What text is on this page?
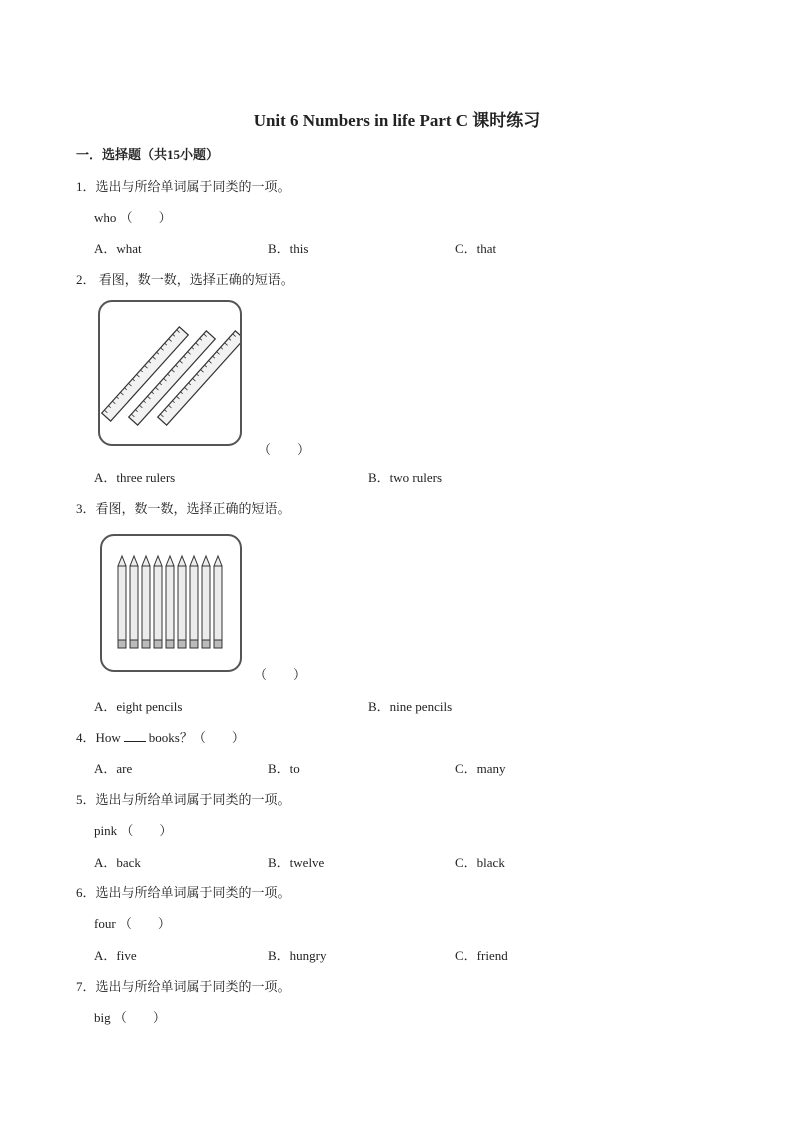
Unit 6 Numbers in life Part C 课时练习
一．选择题（共15小题）
1．选出与所给单词属于同类的一项。
who （　　）
A．what	B．this	C．that
2． 看图，数一数，选择正确的短语。
（　　）
A．three rulers	B．two rulers
3．看图，数一数，选择正确的短语。
（　　）
A．eight pencils	B．nine pencils
4．How books？（　　）
A．are	B．to	C．many
5．选出与所给单词属于同类的一项。
pink （　　）
A．back	B．twelve	C．black
6．选出与所给单词属于同类的一项。
four （　　）
A．five	B．hungry	C．friend
7．选出与所给单词属于同类的一项。
big （　　）
